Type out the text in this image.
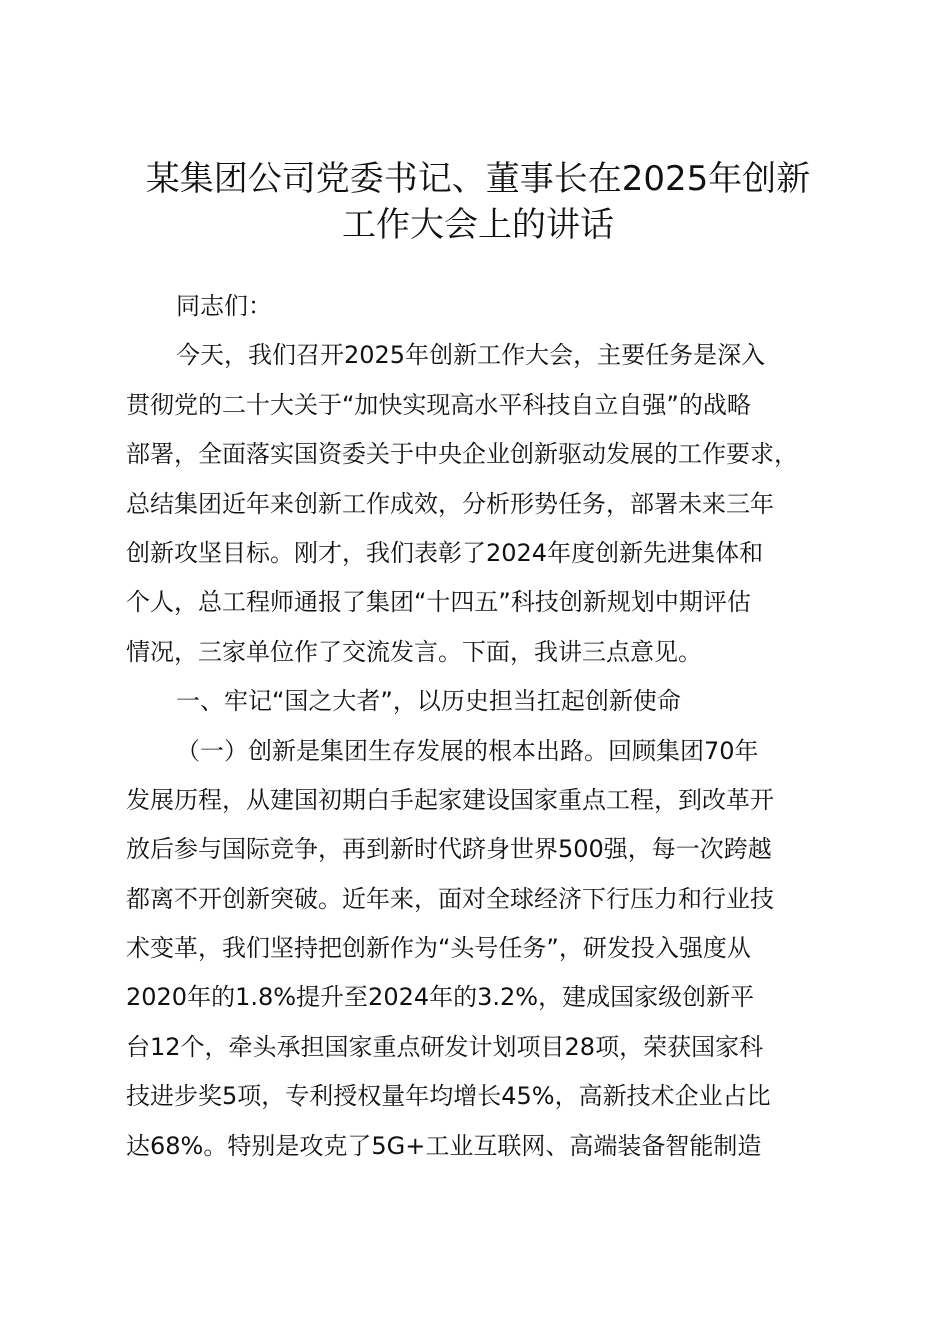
某集团公司党委书记、董事长在2025年创新
工作大会上的讲话
同志们：
今天，我们召开2025年创新工作大会，主要任务是深入
贯彻党的二十大关于“加快实现高水平科技自立自强”的战略
部署，全面落实国资委关于中央企业创新驱动发展的工作要求，
总结集团近年来创新工作成效，分析形势任务，部署未来三年
创新攻坚目标。刚才，我们表彰了2024年度创新先进集体和
个人，总工程师通报了集团“十四五”科技创新规划中期评估
情况，三家单位作了交流发言。下面，我讲三点意见。
一、牢记“国之大者”，以历史担当扛起创新使命
（一）创新是集团生存发展的根本出路。回顾集团70年
发展历程，从建国初期白手起家建设国家重点工程，到改革开
放后参与国际竞争，再到新时代跻身世界500强，每一次跨越
都离不开创新突破。近年来，面对全球经济下行压力和行业技
术变革，我们坚持把创新作为“头号任务”，研发投入强度从
2020年的1.8%提升至2024年的3.2%，建成国家级创新平
台12个，牵头承担国家重点研发计划项目28项，荣获国家科
技进步奖5项，专利授权量年均增长45%，高新技术企业占比
达68%。特别是攻克了5G+工业互联网、高端装备智能制造
